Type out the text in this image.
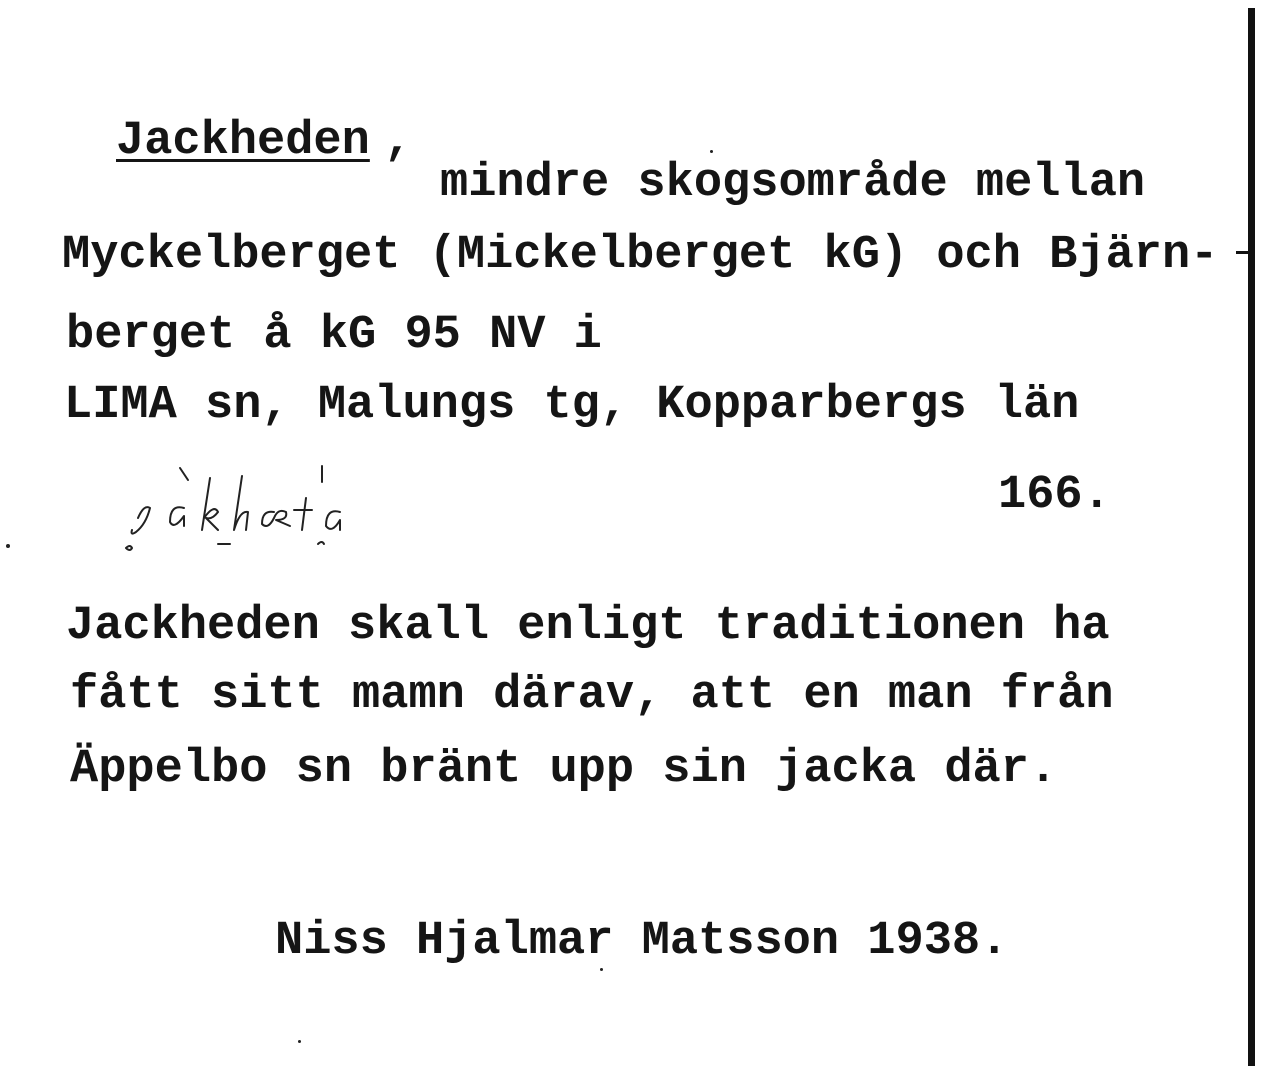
Jackheden ,
mindre skogsområde mellan
Myckelberget (Mickelberget kG) och Bjärn-
berget å kG 95 NV i
LIMA sn, Malungs tg, Kopparbergs län
166.
Jackheden skall enligt traditionen ha
fått sitt mamn därav, att en man från
Äppelbo sn bränt upp sin jacka där.
Niss Hjalmar Matsson 1938.
